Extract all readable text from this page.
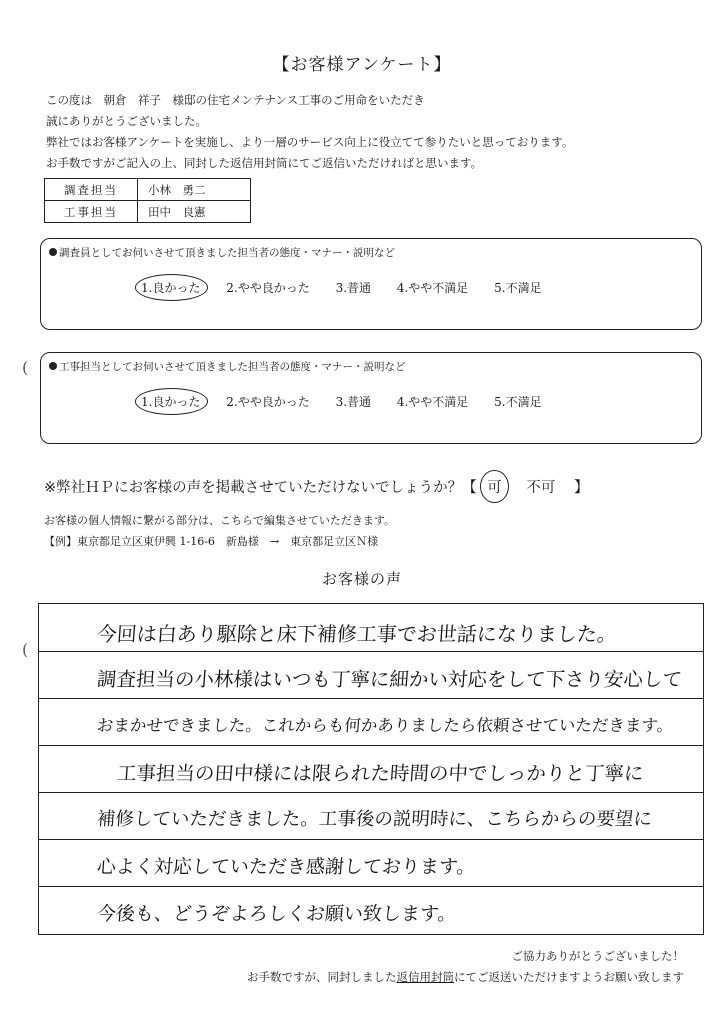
【お客様アンケート】
この度は　朝倉　祥子　様邸の住宅メンテナンス工事のご用命をいただき
誠にありがとうございました。
弊社ではお客様アンケートを実施し、より一層のサービス向上に役立てて参りたいと思っております。
お手数ですがご記入の上、同封した返信用封筒にてご返信いただければと思います。
調査担当	小林　勇二
工事担当	田中　良憲
調査員としてお伺いさせて頂きました担当者の態度・マナー・説明など
1.良かった 2.やや良かった 3.普通 4.やや不満足 5.不満足
(	工事担当としてお伺いさせて頂きました担当者の態度・マナー・説明など
1.良かった 2.やや良かった 3.普通 4.やや不満足 5.不満足
※弊社ＨＰにお客様の声を掲載させていただけないでしょうか？【 可 不可 】
お客様の個人情報に繋がる部分は、こちらで編集させていただきます。
【例】東京都足立区東伊興 1-16-6　新島様　→　東京都足立区Ｎ様
お客様の声
今回は白あり駆除と床下補修工事でお世話になりました。
調査担当の小林様はいつも丁寧に細かい対応をして下さり安心して
おまかせできました。これからも何かありましたら依頼させていただきます。
工事担当の田中様には限られた時間の中でしっかりと丁寧に
補修していただきました。工事後の説明時に、こちらからの要望に
心よく対応していただき感謝しております。
今後も、どうぞよろしくお願い致します。
(
ご協力ありがとうございました！
お手数ですが、同封しました返信用封筒にてご返送いただけますようお願い致します
